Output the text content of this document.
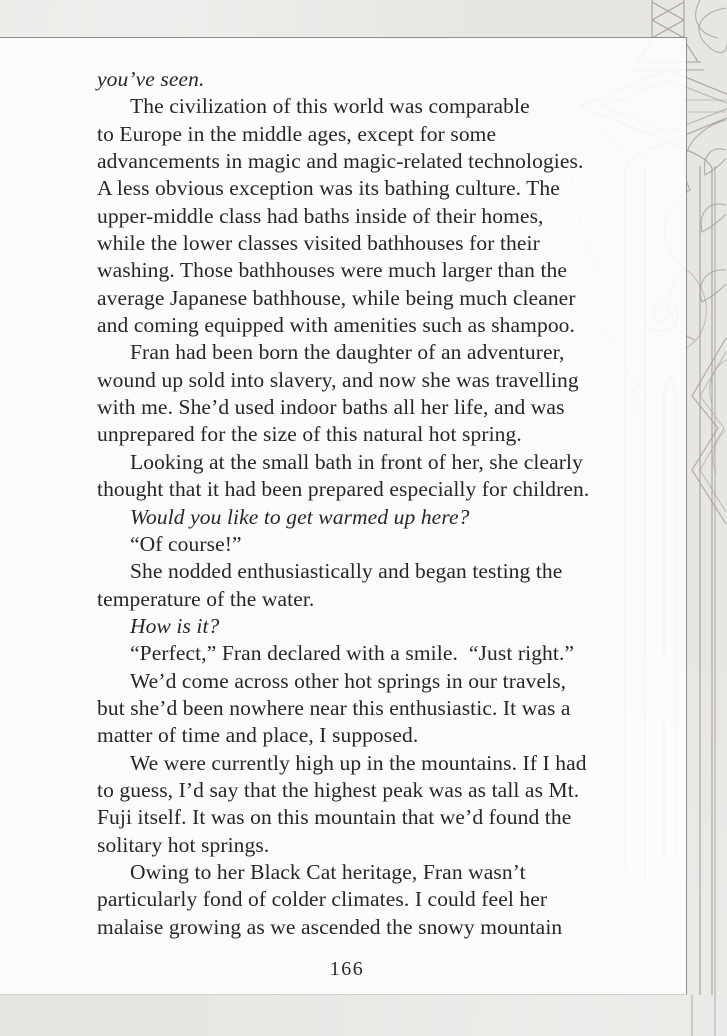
you’ve seen.
The civilization of this world was comparable
to Europe in the middle ages, except for some
advancements in magic and magic-related technologies.
A less obvious exception was its bathing culture. The
upper-middle class had baths inside of their homes,
while the lower classes visited bathhouses for their
washing. Those bathhouses were much larger than the
average Japanese bathhouse, while being much cleaner
and coming equipped with amenities such as shampoo.
Fran had been born the daughter of an adventurer,
wound up sold into slavery, and now she was travelling
with me. She’d used indoor baths all her life, and was
unprepared for the size of this natural hot spring.
Looking at the small bath in front of her, she clearly
thought that it had been prepared especially for children.
Would you like to get warmed up here?
“Of course!”
She nodded enthusiastically and began testing the
temperature of the water.
How is it?
“Perfect,” Fran declared with a smile.  “Just right.”
We’d come across other hot springs in our travels,
but she’d been nowhere near this enthusiastic. It was a
matter of time and place, I supposed.
We were currently high up in the mountains. If I had
to guess, I’d say that the highest peak was as tall as Mt.
Fuji itself. It was on this mountain that we’d found the
solitary hot springs.
Owing to her Black Cat heritage, Fran wasn’t
particularly fond of colder climates. I could feel her
malaise growing as we ascended the snowy mountain
166
